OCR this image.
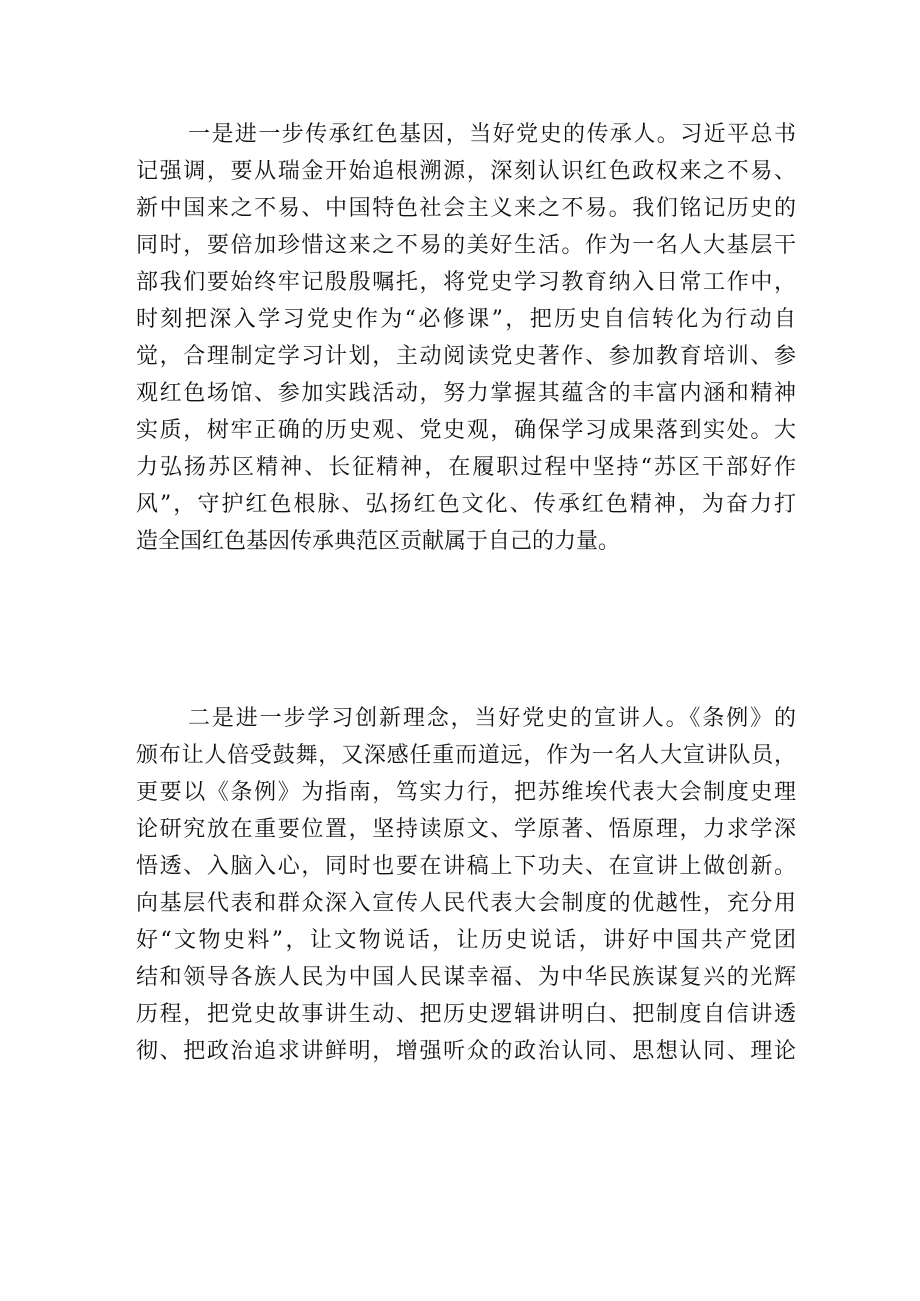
一是进一步传承红色基因，当好党史的传承人。习近平总书
记强调，要从瑞金开始追根溯源，深刻认识红色政权来之不易、
新中国来之不易、中国特色社会主义来之不易。我们铭记历史的
同时，要倍加珍惜这来之不易的美好生活。作为一名人大基层干
部我们要始终牢记殷殷嘱托，将党史学习教育纳入日常工作中，
时刻把深入学习党史作为“必修课”，把历史自信转化为行动自
觉，合理制定学习计划，主动阅读党史著作、参加教育培训、参
观红色场馆、参加实践活动，努力掌握其蕴含的丰富内涵和精神
实质，树牢正确的历史观、党史观，确保学习成果落到实处。大
力弘扬苏区精神、长征精神，在履职过程中坚持“苏区干部好作
风”，守护红色根脉、弘扬红色文化、传承红色精神，为奋力打
造全国红色基因传承典范区贡献属于自己的力量。
二是进一步学习创新理念，当好党史的宣讲人。《条例》的
颁布让人倍受鼓舞，又深感任重而道远，作为一名人大宣讲队员，
更要以《条例》为指南，笃实力行，把苏维埃代表大会制度史理
论研究放在重要位置，坚持读原文、学原著、悟原理，力求学深
悟透、入脑入心，同时也要在讲稿上下功夫、在宣讲上做创新。
向基层代表和群众深入宣传人民代表大会制度的优越性，充分用
好“文物史料”，让文物说话，让历史说话，讲好中国共产党团
结和领导各族人民为中国人民谋幸福、为中华民族谋复兴的光辉
历程，把党史故事讲生动、把历史逻辑讲明白、把制度自信讲透
彻、把政治追求讲鲜明，增强听众的政治认同、思想认同、理论
